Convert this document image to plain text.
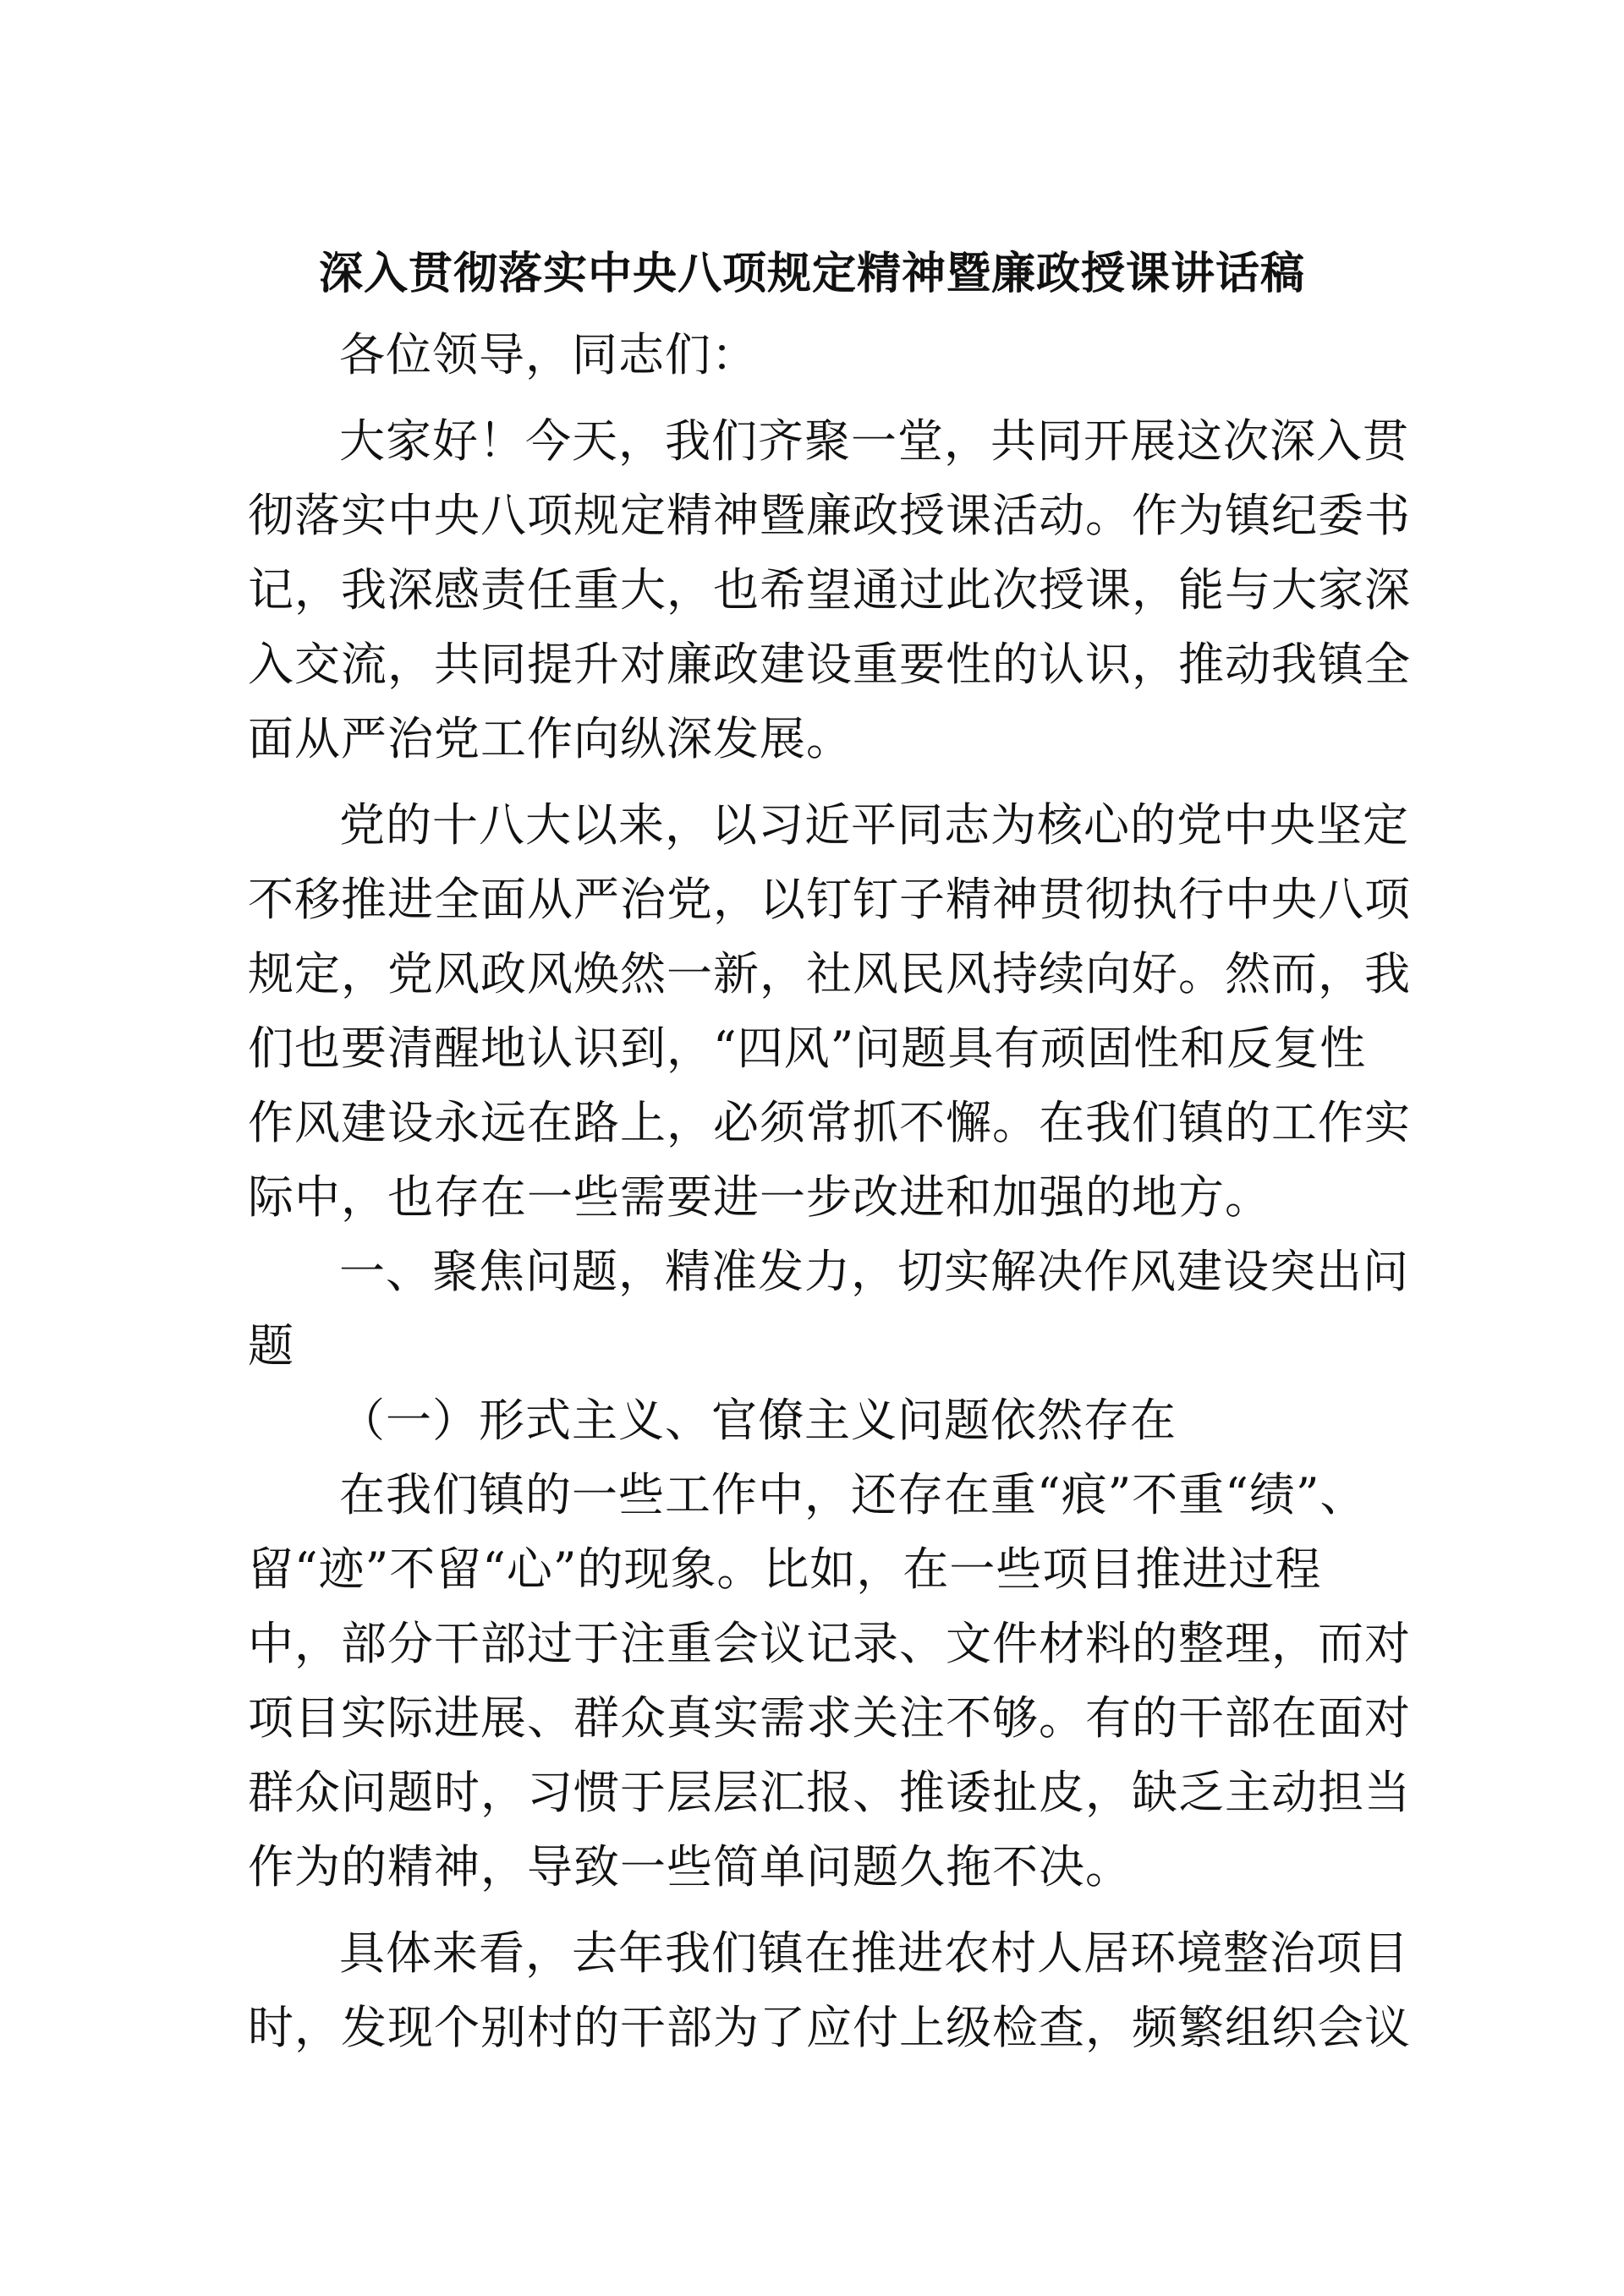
深入贯彻落实中央八项规定精神暨廉政授课讲话稿
各位领导，同志们：
大家好！今天，我们齐聚一堂，共同开展这次深入贯
彻落实中央八项规定精神暨廉政授课活动。作为镇纪委书
记，我深感责任重大，也希望通过此次授课，能与大家深
入交流，共同提升对廉政建设重要性的认识，推动我镇全
面从严治党工作向纵深发展。
党的十八大以来，以习近平同志为核心的党中央坚定
不移推进全面从严治党，以钉钉子精神贯彻执行中央八项
规定，党风政风焕然一新，社风民风持续向好。然而，我
们也要清醒地认识到，“四风”问题具有顽固性和反复性
作风建设永远在路上，必须常抓不懈。在我们镇的工作实
际中，也存在一些需要进一步改进和加强的地方。
一、聚焦问题，精准发力，切实解决作风建设突出问
题
（一）形式主义、官僚主义问题依然存在
在我们镇的一些工作中，还存在重“痕”不重“绩”、
留“迹”不留“心”的现象。比如，在一些项目推进过程
中，部分干部过于注重会议记录、文件材料的整理，而对
项目实际进展、群众真实需求关注不够。有的干部在面对
群众问题时，习惯于层层汇报、推诿扯皮，缺乏主动担当
作为的精神，导致一些简单问题久拖不决。
具体来看，去年我们镇在推进农村人居环境整治项目
时，发现个别村的干部为了应付上级检查，频繁组织会议
